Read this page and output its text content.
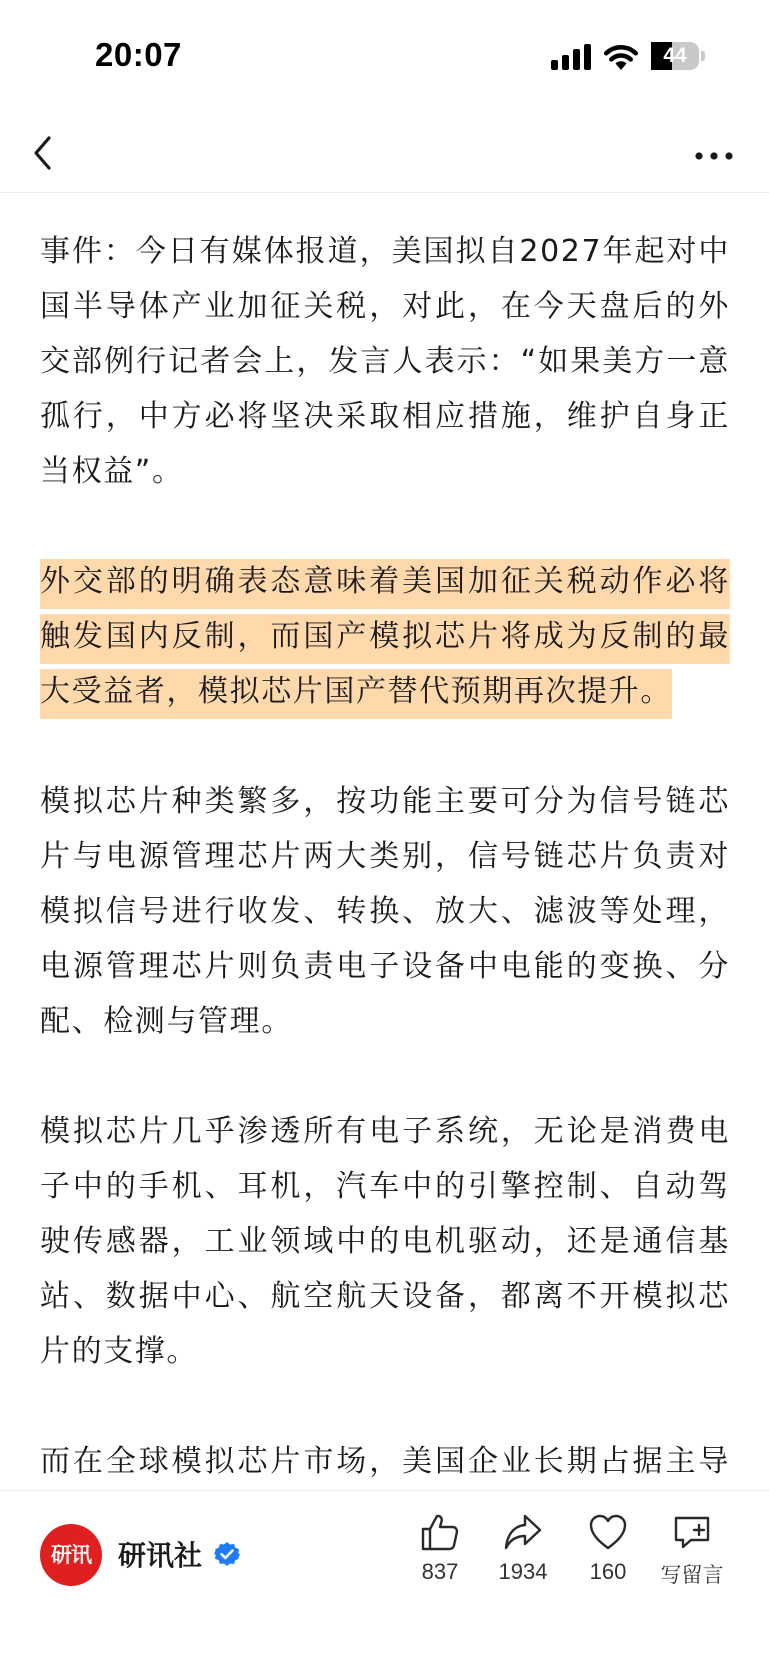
20:07	44

事件：今日有媒体报道，美国拟自2027年起对中国半导体产业加征关税，对此，在今天盘后的外交部例行记者会上，发言人表示：“如果美方一意孤行，中方必将坚决采取相应措施，维护自身正当权益”。

外交部的明确表态意味着美国加征关税动作必将触发国内反制，而国产模拟芯片将成为反制的最大受益者，模拟芯片国产替代预期再次提升。

模拟芯片种类繁多，按功能主要可分为信号链芯片与电源管理芯片两大类别，信号链芯片负责对模拟信号进行收发、转换、放大、滤波等处理，电源管理芯片则负责电子设备中电能的变换、分配、检测与管理。

模拟芯片几乎渗透所有电子系统，无论是消费电子中的手机、耳机，汽车中的引擎控制、自动驾驶传感器，工业领域中的电机驱动，还是通信基站、数据中心、航空航天设备，都离不开模拟芯片的支撑。

而在全球模拟芯片市场，美国企业长期占据主导

研讯 研讯社	837	1934	160	写留言
